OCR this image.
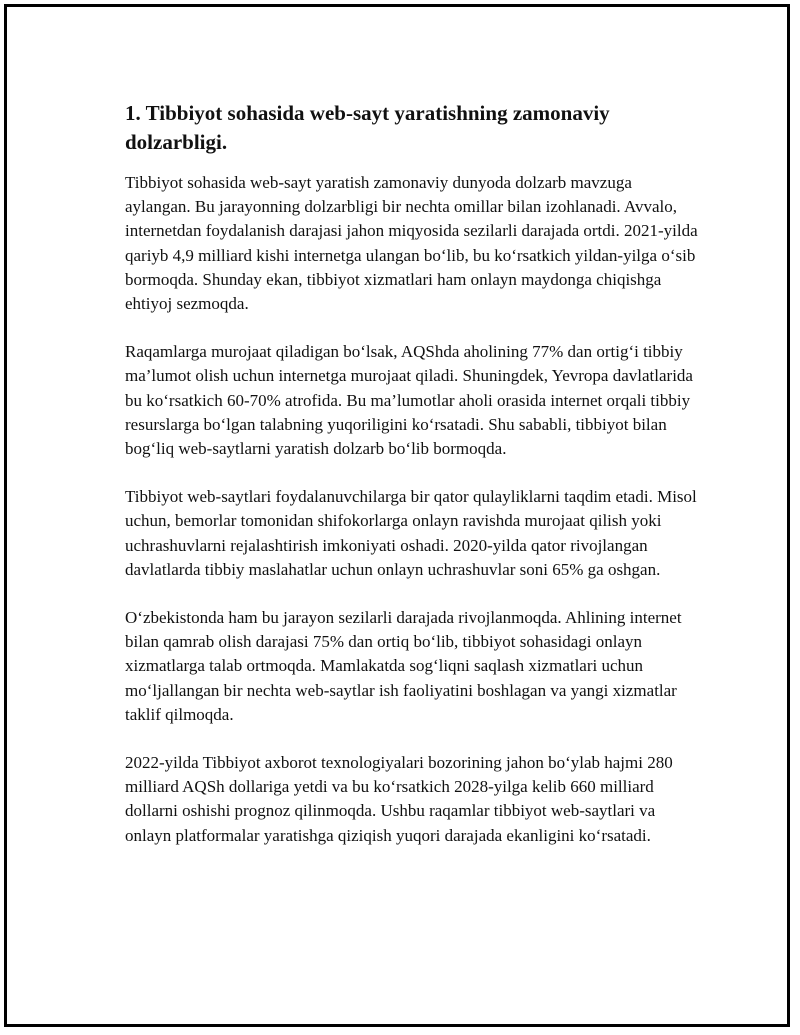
1. Tibbiyot sohasida web-sayt yaratishning zamonaviy dolzarbligi.

Tibbiyot sohasida web-sayt yaratish zamonaviy dunyoda dolzarb mavzuga aylangan. Bu jarayonning dolzarbligi bir nechta omillar bilan izohlanadi. Avvalo, internetdan foydalanish darajasi jahon miqyosida sezilarli darajada ortdi. 2021-yilda qariyb 4,9 milliard kishi internetga ulangan bo‘lib, bu ko‘rsatkich yildan-yilga o‘sib bormoqda. Shunday ekan, tibbiyot xizmatlari ham onlayn maydonga chiqishga ehtiyoj sezmoqda.

Raqamlarga murojaat qiladigan bo‘lsak, AQShda aholining 77% dan ortig‘i tibbiy ma’lumot olish uchun internetga murojaat qiladi. Shuningdek, Yevropa davlatlarida bu ko‘rsatkich 60-70% atrofida. Bu ma’lumotlar aholi orasida internet orqali tibbiy resurslarga bo‘lgan talabning yuqoriligini ko‘rsatadi. Shu sababli, tibbiyot bilan bog‘liq web-saytlarni yaratish dolzarb bo‘lib bormoqda.

Tibbiyot web-saytlari foydalanuvchilarga bir qator qulayliklarni taqdim etadi. Misol uchun, bemorlar tomonidan shifokorlarga onlayn ravishda murojaat qilish yoki uchrashuvlarni rejalashtirish imkoniyati oshadi. 2020-yilda qator rivojlangan davlatlarda tibbiy maslahatlar uchun onlayn uchrashuvlar soni 65% ga oshgan.

O‘zbekistonda ham bu jarayon sezilarli darajada rivojlanmoqda. Ahlining internet bilan qamrab olish darajasi 75% dan ortiq bo‘lib, tibbiyot sohasidagi onlayn xizmatlarga talab ortmoqda. Mamlakatda sog‘liqni saqlash xizmatlari uchun mo‘ljallangan bir nechta web-saytlar ish faoliyatini boshlagan va yangi xizmatlar taklif qilmoqda.

2022-yilda Tibbiyot axborot texnologiyalari bozorining jahon bo‘ylab hajmi 280 milliard AQSh dollariga yetdi va bu ko‘rsatkich 2028-yilga kelib 660 milliard dollarni oshishi prognoz qilinmoqda. Ushbu raqamlar tibbiyot web-saytlari va onlayn platformalar yaratishga qiziqish yuqori darajada ekanligini ko‘rsatadi.
